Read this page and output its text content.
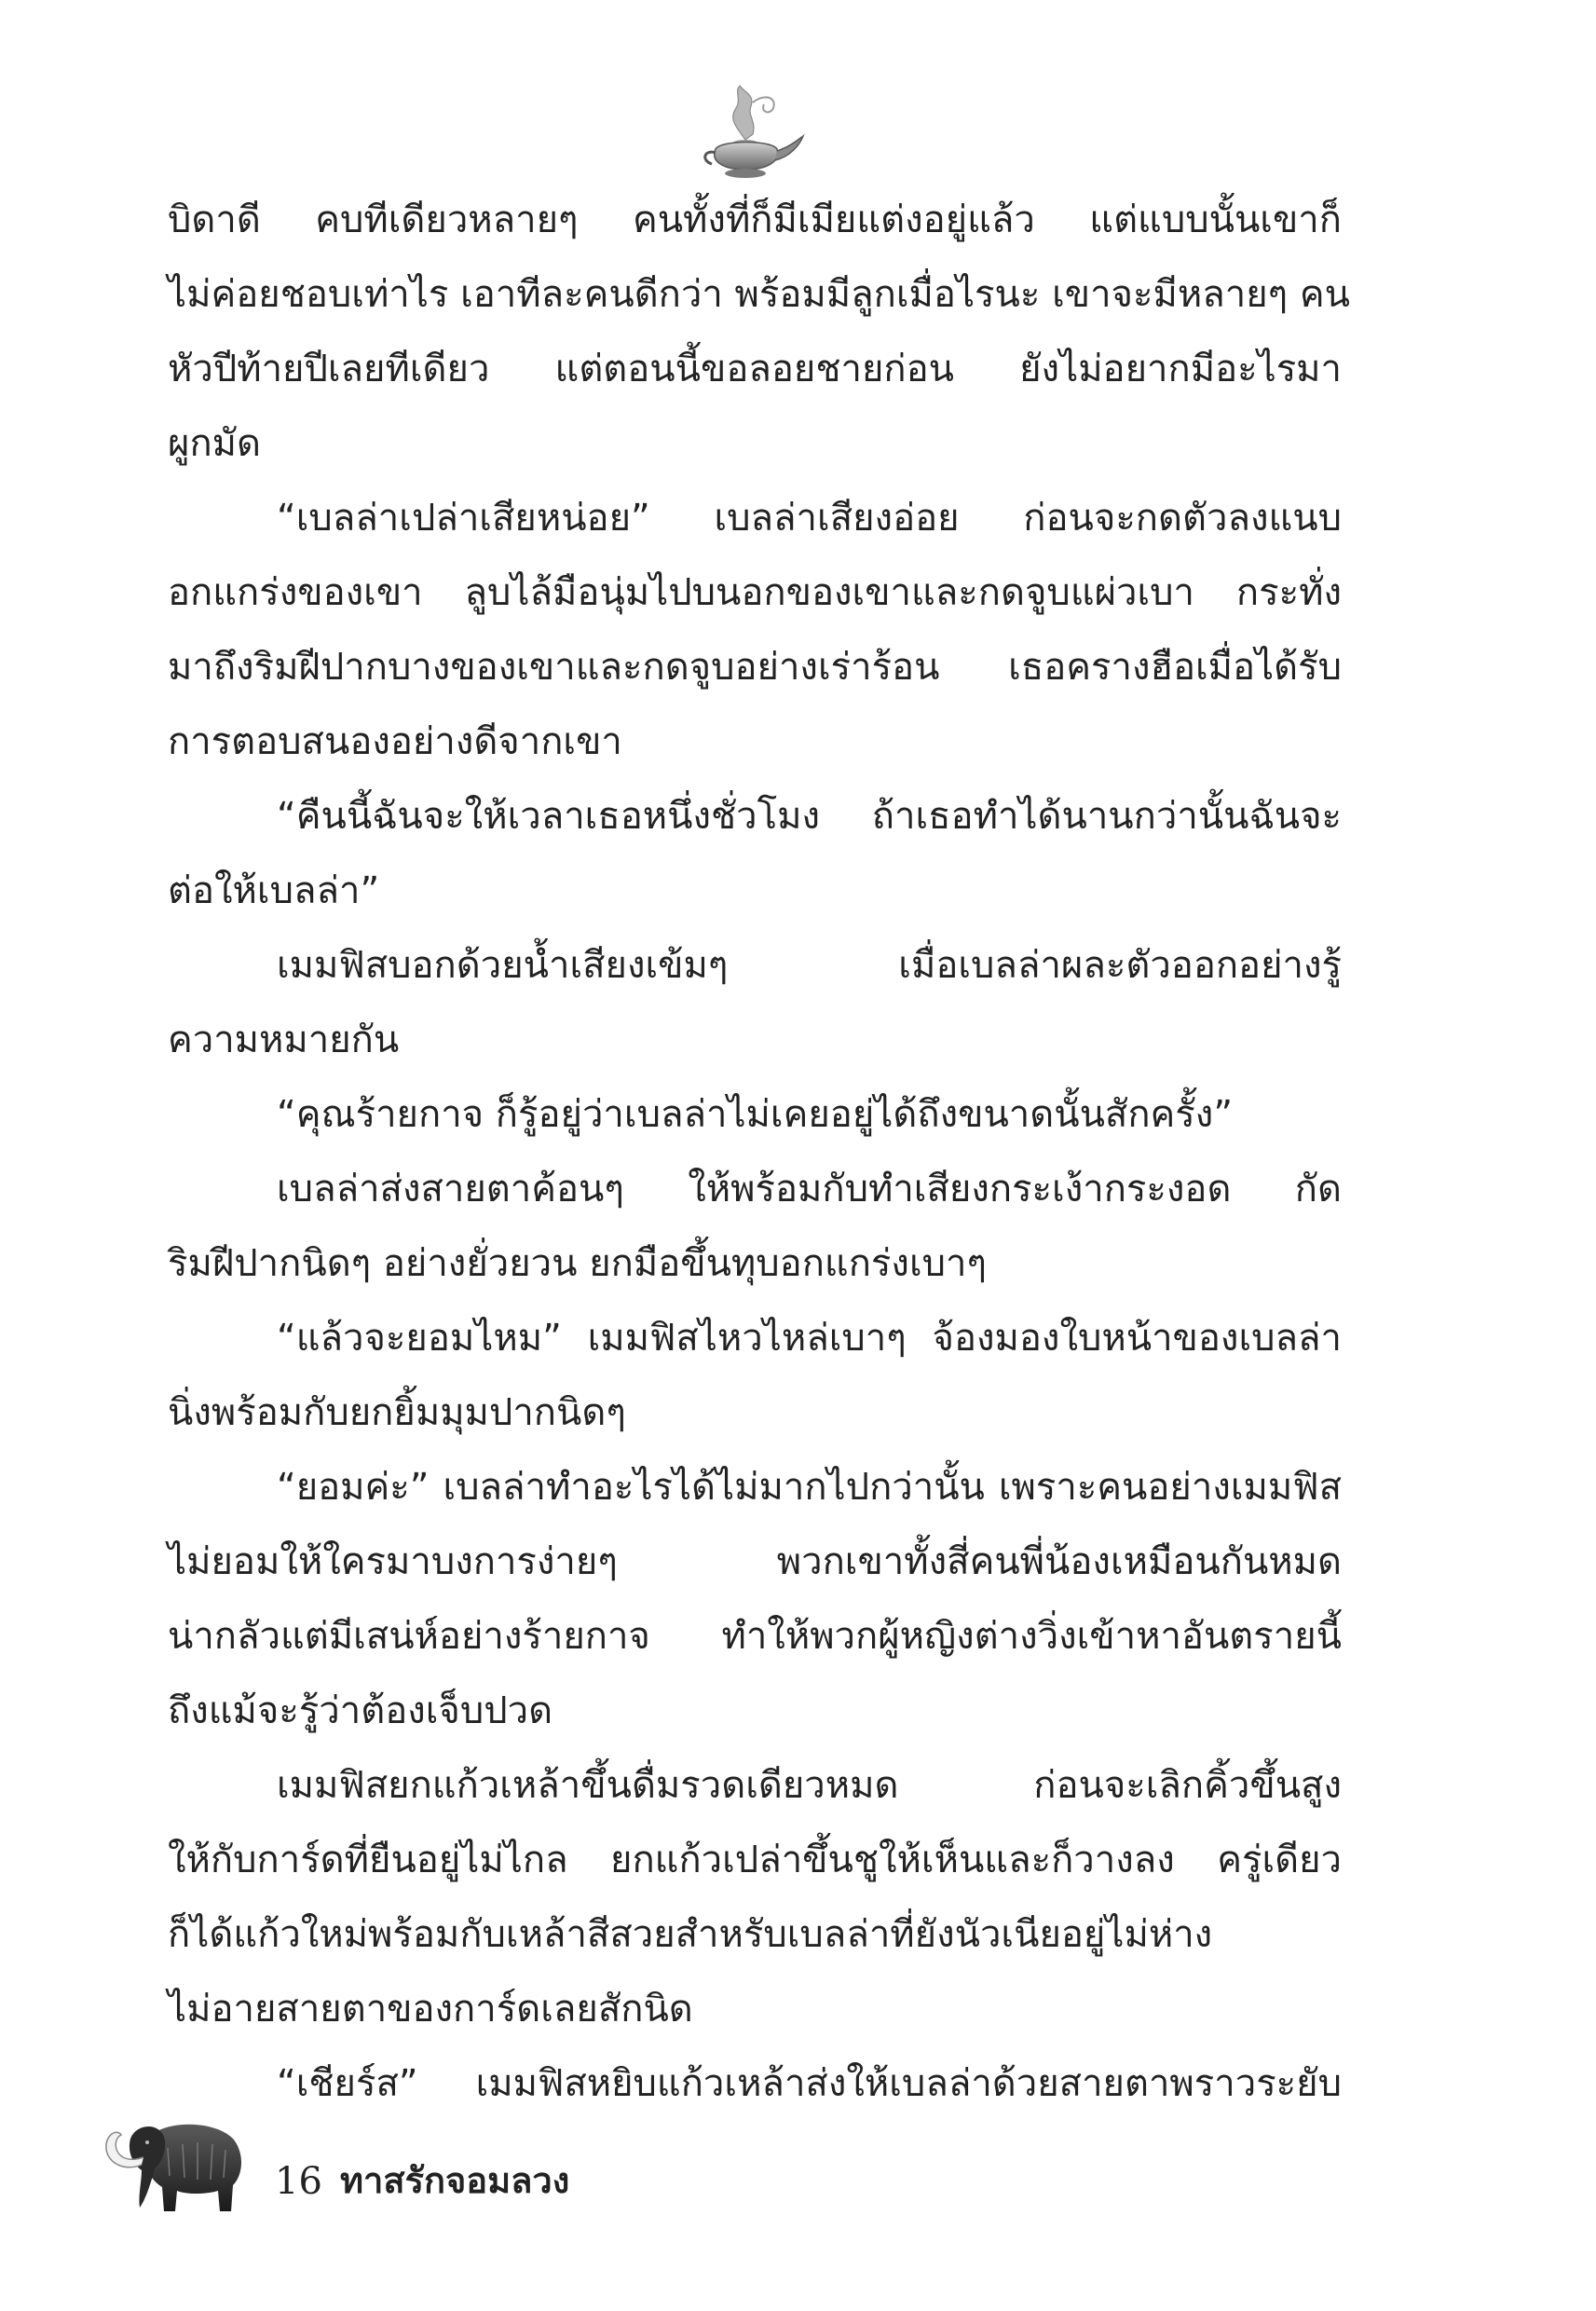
บิดาดี คบทีเดียวหลายๆ คนทั้งที่ก็มีเมียแต่งอยู่แล้ว แต่แบบนั้นเขาก็
ไม่ค่อยชอบเท่าไร เอาทีละคนดีกว่า พร้อมมีลูกเมื่อไรนะ เขาจะมีหลายๆ คน
หัวปีท้ายปีเลยทีเดียว แต่ตอนนี้ขอลอยชายก่อน ยังไม่อยากมีอะไรมา
ผูกมัด
“เบลล่าเปล่าเสียหน่อย” เบลล่าเสียงอ่อย ก่อนจะกดตัวลงแนบ
อกแกร่งของเขา ลูบไล้มือนุ่มไปบนอกของเขาและกดจูบแผ่วเบา กระทั่ง
มาถึงริมฝีปากบางของเขาและกดจูบอย่างเร่าร้อน เธอครางฮือเมื่อได้รับ
การตอบสนองอย่างดีจากเขา
“คืนนี้ฉันจะให้เวลาเธอหนึ่งชั่วโมง ถ้าเธอทำได้นานกว่านั้นฉันจะ
ต่อให้เบลล่า”
เมมฟิสบอกด้วยน้ำเสียงเข้มๆ เมื่อเบลล่าผละตัวออกอย่างรู้
ความหมายกัน
“คุณร้ายกาจ ก็รู้อยู่ว่าเบลล่าไม่เคยอยู่ได้ถึงขนาดนั้นสักครั้ง”
เบลล่าส่งสายตาค้อนๆ ให้พร้อมกับทำเสียงกระเง้ากระงอด กัด
ริมฝีปากนิดๆ อย่างยั่วยวน ยกมือขึ้นทุบอกแกร่งเบาๆ
“แล้วจะยอมไหม” เมมฟิสไหวไหล่เบาๆ จ้องมองใบหน้าของเบลล่า
นิ่งพร้อมกับยกยิ้มมุมปากนิดๆ
“ยอมค่ะ” เบลล่าทำอะไรได้ไม่มากไปกว่านั้น เพราะคนอย่างเมมฟิส
ไม่ยอมให้ใครมาบงการง่ายๆ พวกเขาทั้งสี่คนพี่น้องเหมือนกันหมด
น่ากลัวแต่มีเสน่ห์อย่างร้ายกาจ ทำให้พวกผู้หญิงต่างวิ่งเข้าหาอันตรายนี้
ถึงแม้จะรู้ว่าต้องเจ็บปวด
เมมฟิสยกแก้วเหล้าขึ้นดื่มรวดเดียวหมด ก่อนจะเลิกคิ้วขึ้นสูง
ให้กับการ์ดที่ยืนอยู่ไม่ไกล ยกแก้วเปล่าขึ้นชูให้เห็นและก็วางลง ครู่เดียว
ก็ได้แก้วใหม่พร้อมกับเหล้าสีสวยสำหรับเบลล่าที่ยังนัวเนียอยู่ไม่ห่าง
ไม่อายสายตาของการ์ดเลยสักนิด
“เชียร์ส” เมมฟิสหยิบแก้วเหล้าส่งให้เบลล่าด้วยสายตาพราวระยับ
16 ทาสรักจอมลวง
